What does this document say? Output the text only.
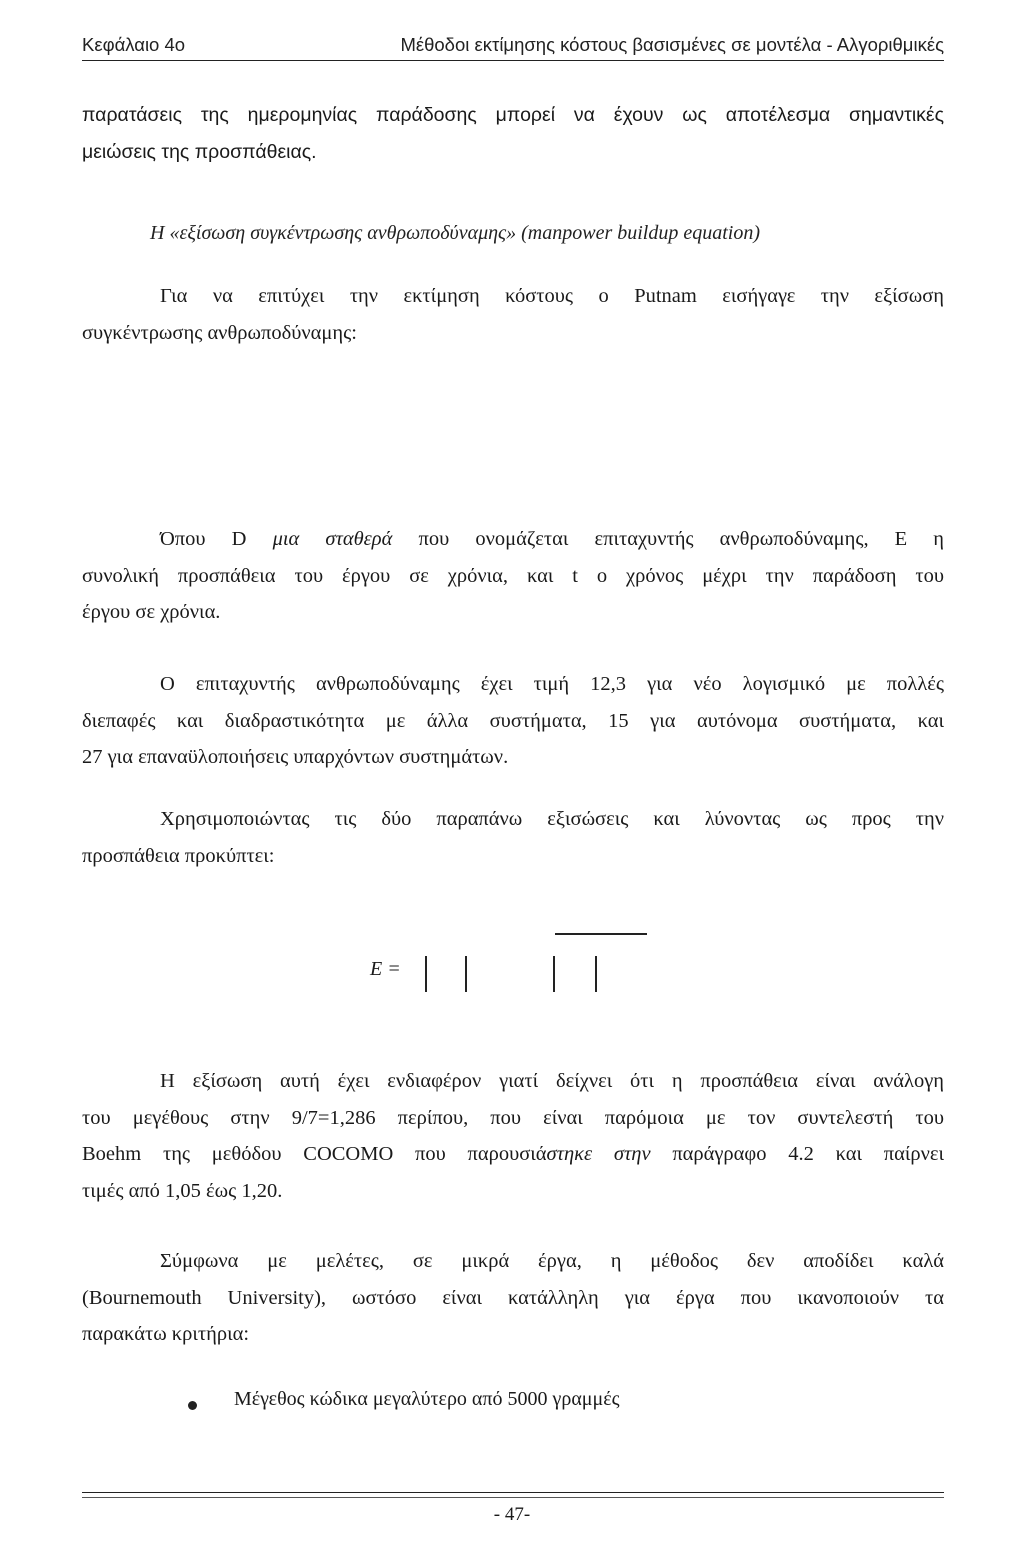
Κεφάλαιο 4ο	Μέθοδοι εκτίμησης κόστους βασισμένες σε μοντέλα - Αλγοριθμικές
παρατάσεις της ημερομηνίας παράδοσης μπορεί να έχουν ως αποτέλεσμα σημαντικές
μειώσεις της προσπάθειας.
Η «εξίσωση συγκέντρωσης ανθρωποδύναμης» (manpower buildup equation)
Για να επιτύχει την εκτίμηση κόστους ο Putnam εισήγαγε την εξίσωση
συγκέντρωσης ανθρωποδύναμης:
Όπου D μια σταθερά που ονομάζεται επιταχυντής ανθρωποδύναμης, Ε η
συνολική προσπάθεια του έργου σε χρόνια, και t ο χρόνος μέχρι την παράδοση του
έργου σε χρόνια.
Ο επιταχυντής ανθρωποδύναμης έχει τιμή 12,3 για νέο λογισμικό με πολλές
διεπαφές και διαδραστικότητα με άλλα συστήματα, 15 για αυτόνομα συστήματα, και
27 για επαναϋλοποιήσεις υπαρχόντων συστημάτων.
Χρησιμοποιώντας τις δύο παραπάνω εξισώσεις και λύνοντας ως προς την
προσπάθεια προκύπτει:
E =
Η εξίσωση αυτή έχει ενδιαφέρον γιατί δείχνει ότι η προσπάθεια είναι ανάλογη
του μεγέθους στην 9/7=1,286 περίπου, που είναι παρόμοια με τον συντελεστή του
Boehm της μεθόδου COCOMO που παρουσιάστηκε στην παράγραφο 4.2 και παίρνει
τιμές από 1,05 έως 1,20.
Σύμφωνα με μελέτες, σε μικρά έργα, η μέθοδος δεν αποδίδει καλά
(Bournemouth University), ωστόσο είναι κατάλληλη για έργα που ικανοποιούν τα
παρακάτω κριτήρια:
Μέγεθος κώδικα μεγαλύτερο από 5000 γραμμές
- 47-
